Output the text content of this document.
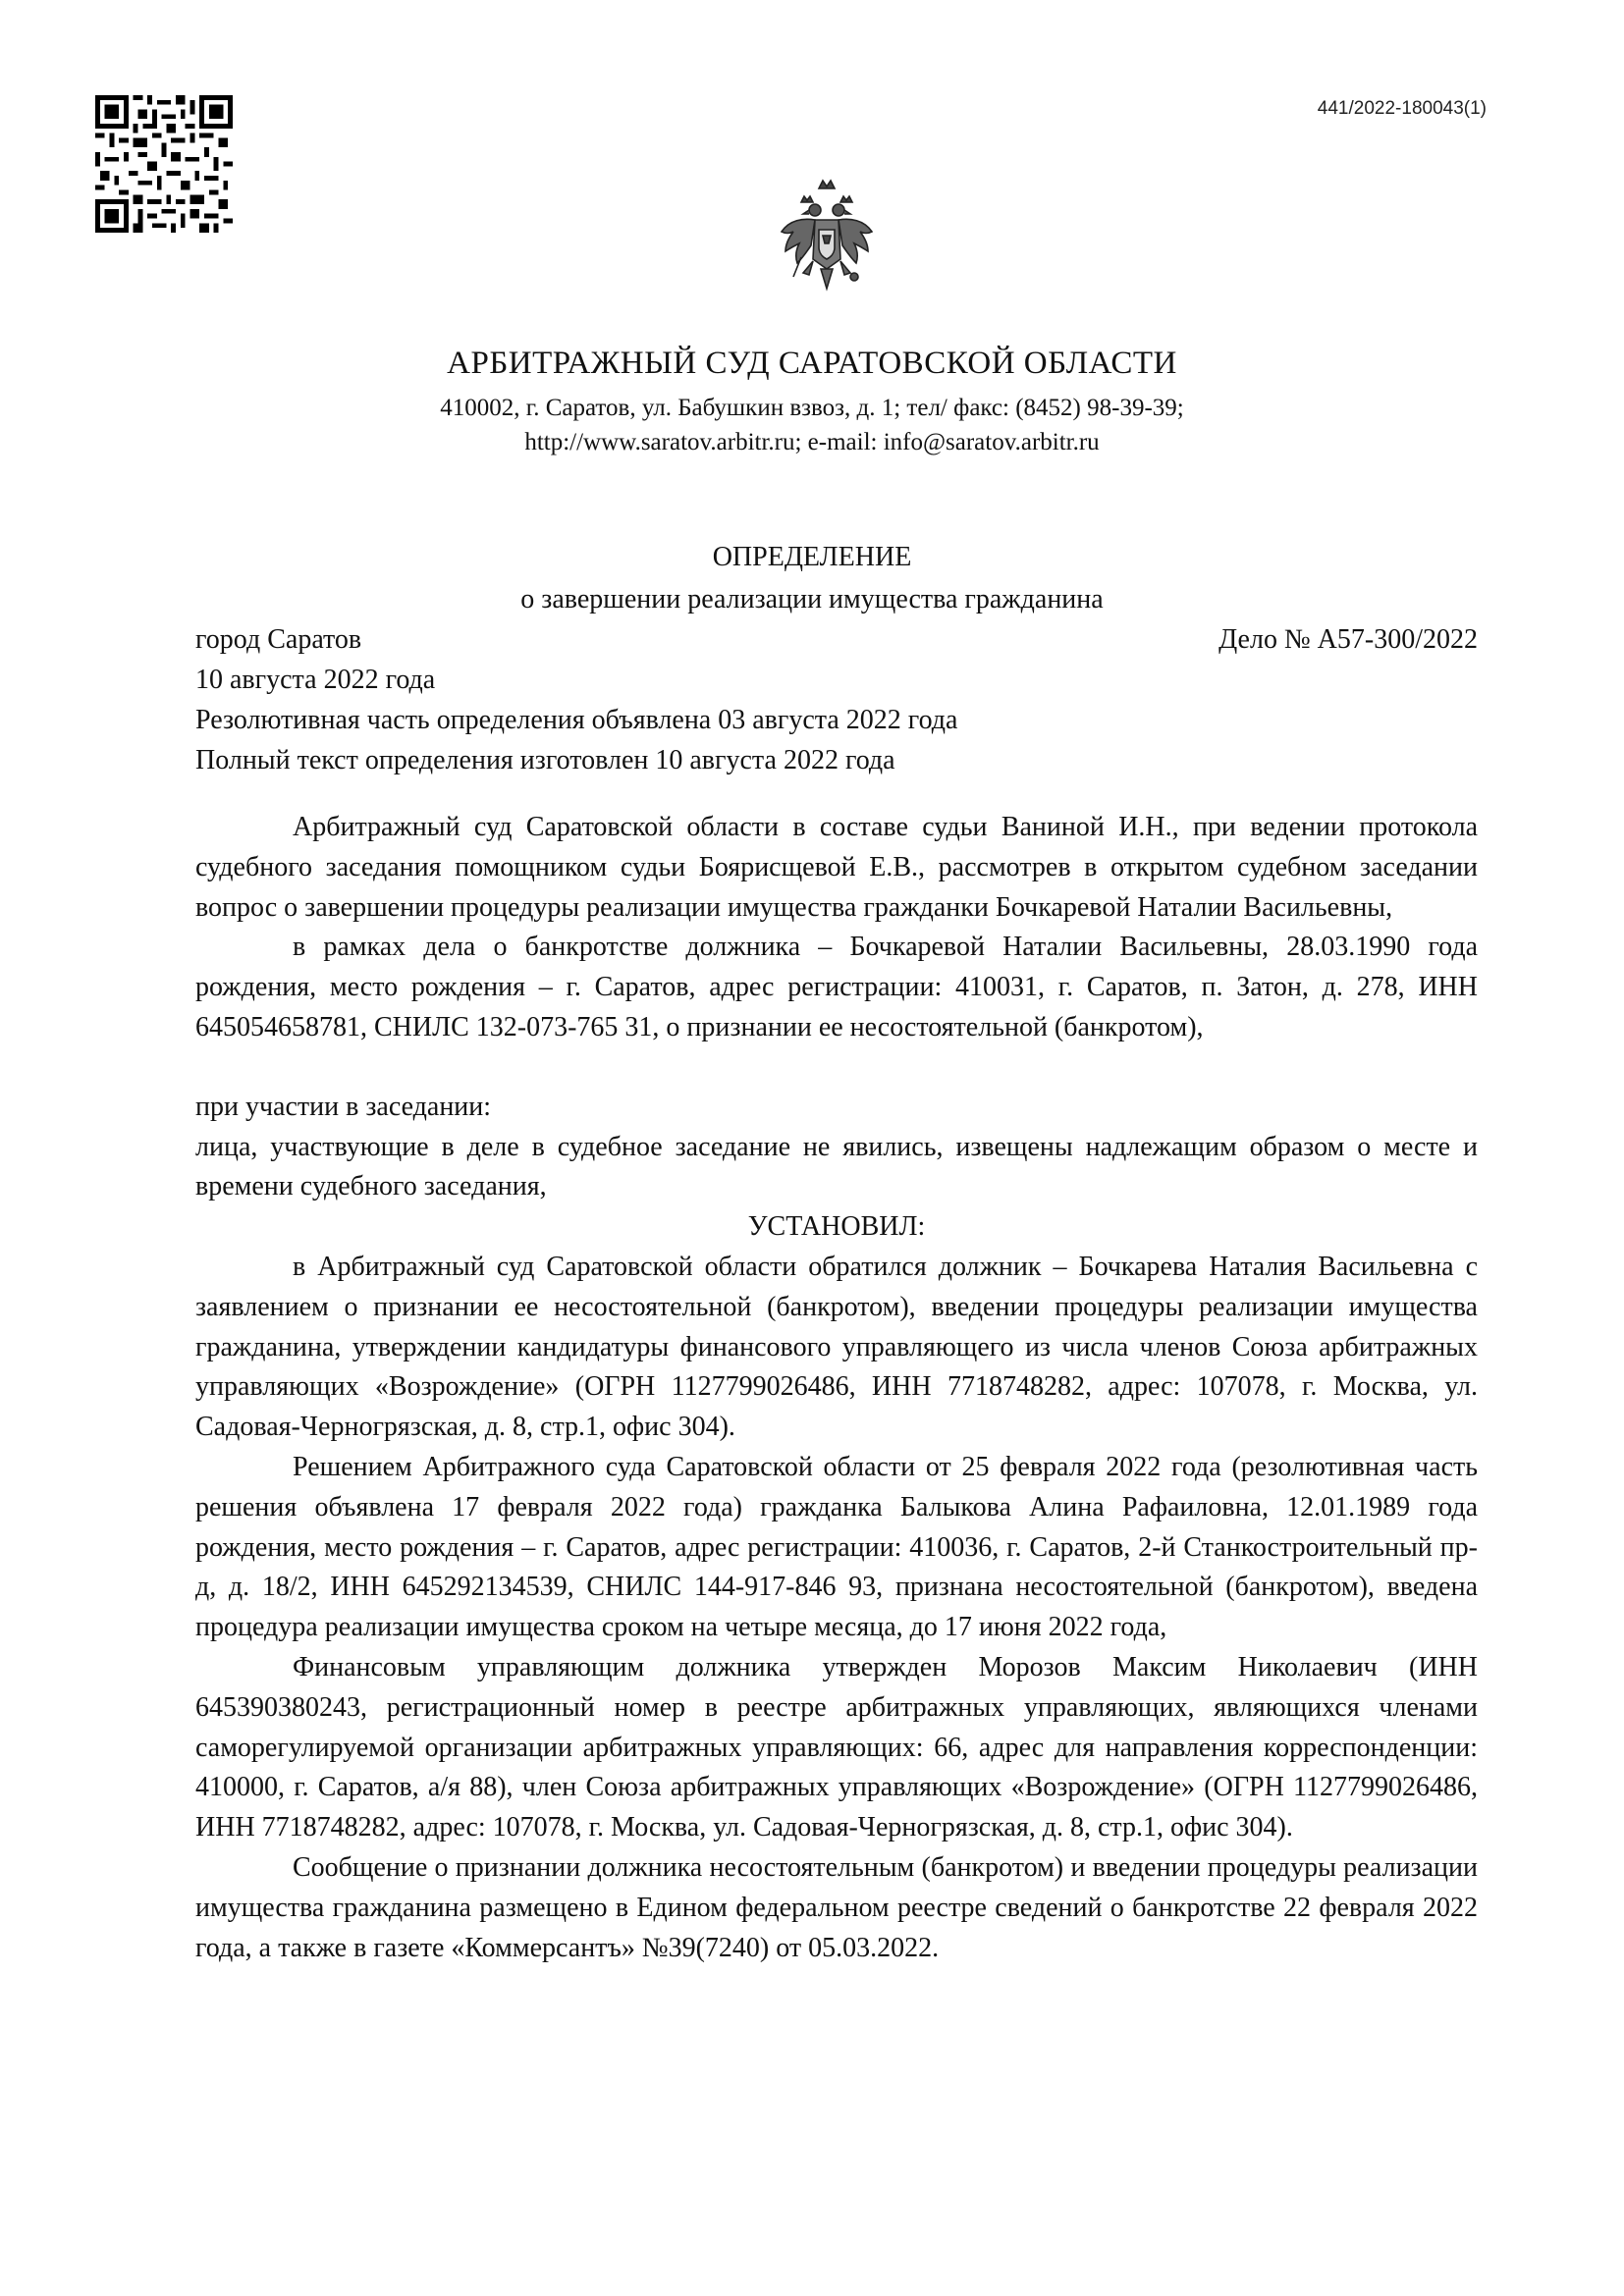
441/2022-180043(1)
АРБИТРАЖНЫЙ СУД САРАТОВСКОЙ ОБЛАСТИ
410002, г. Саратов, ул. Бабушкин взвоз, д. 1; тел/ факс: (8452) 98-39-39;
http://www.saratov.arbitr.ru; e-mail: info@saratov.arbitr.ru
ОПРЕДЕЛЕНИЕ
о завершении реализации имущества гражданина
город Саратов	Дело № А57-300/2022
10 августа 2022 года
Резолютивная часть определения объявлена 03 августа 2022 года
Полный текст определения изготовлен 10 августа 2022 года

Арбитражный суд Саратовской области в составе судьи Ваниной И.Н., при ведении протокола судебного заседания помощником судьи Бояриcщевой Е.В., рассмотрев в открытом судебном заседании вопрос о завершении процедуры реализации имущества гражданки Бочкаревой Наталии Васильевны,

в рамках дела о банкротстве должника – Бочкаревой Наталии Васильевны, 28.03.1990 года рождения, место рождения – г. Саратов, адрес регистрации: 410031, г. Саратов, п. Затон, д. 278, ИНН 645054658781, СНИЛС 132-073-765 31, о признании ее несостоятельной (банкротом),

при участии в заседании:

лица, участвующие в деле в судебное заседание не явились, извещены надлежащим образом о месте и времени судебного заседания,

УСТАНОВИЛ:

в Арбитражный суд Саратовской области обратился должник – Бочкарева Наталия Васильевна с заявлением о признании ее несостоятельной (банкротом), введении процедуры реализации имущества гражданина, утверждении кандидатуры финансового управляющего из числа членов Союза арбитражных управляющих «Возрождение» (ОГРН 1127799026486, ИНН 7718748282, адрес: 107078, г. Москва, ул. Садовая-Черногрязская, д. 8, стр.1, офис 304).

Решением Арбитражного суда Саратовской области от 25 февраля 2022 года (резолютивная часть решения объявлена 17 февраля 2022 года) гражданка Балыкова Алина Рафаиловна, 12.01.1989 года рождения, место рождения – г. Саратов, адрес регистрации: 410036, г. Саратов, 2-й Станкостроительный пр-д, д. 18/2, ИНН 645292134539, СНИЛС 144-917-846 93, признана несостоятельной (банкротом), введена процедура реализации имущества сроком на четыре месяца, до 17 июня 2022 года,

Финансовым управляющим должника утвержден Морозов Максим Николаевич (ИНН 645390380243, регистрационный номер в реестре арбитражных управляющих, являющихся членами саморегулируемой организации арбитражных управляющих: 66, адрес для направления корреспонденции: 410000, г. Саратов, а/я 88), член Союза арбитражных управляющих «Возрождение» (ОГРН 1127799026486, ИНН 7718748282, адрес: 107078, г. Москва, ул. Садовая-Черногрязская, д. 8, стр.1, офис 304).

Сообщение о признании должника несостоятельным (банкротом) и введении процедуры реализации имущества гражданина размещено в Едином федеральном реестре сведений о банкротстве 22 февраля 2022 года, а также в газете «Коммерсантъ» №39(7240) от 05.03.2022.
